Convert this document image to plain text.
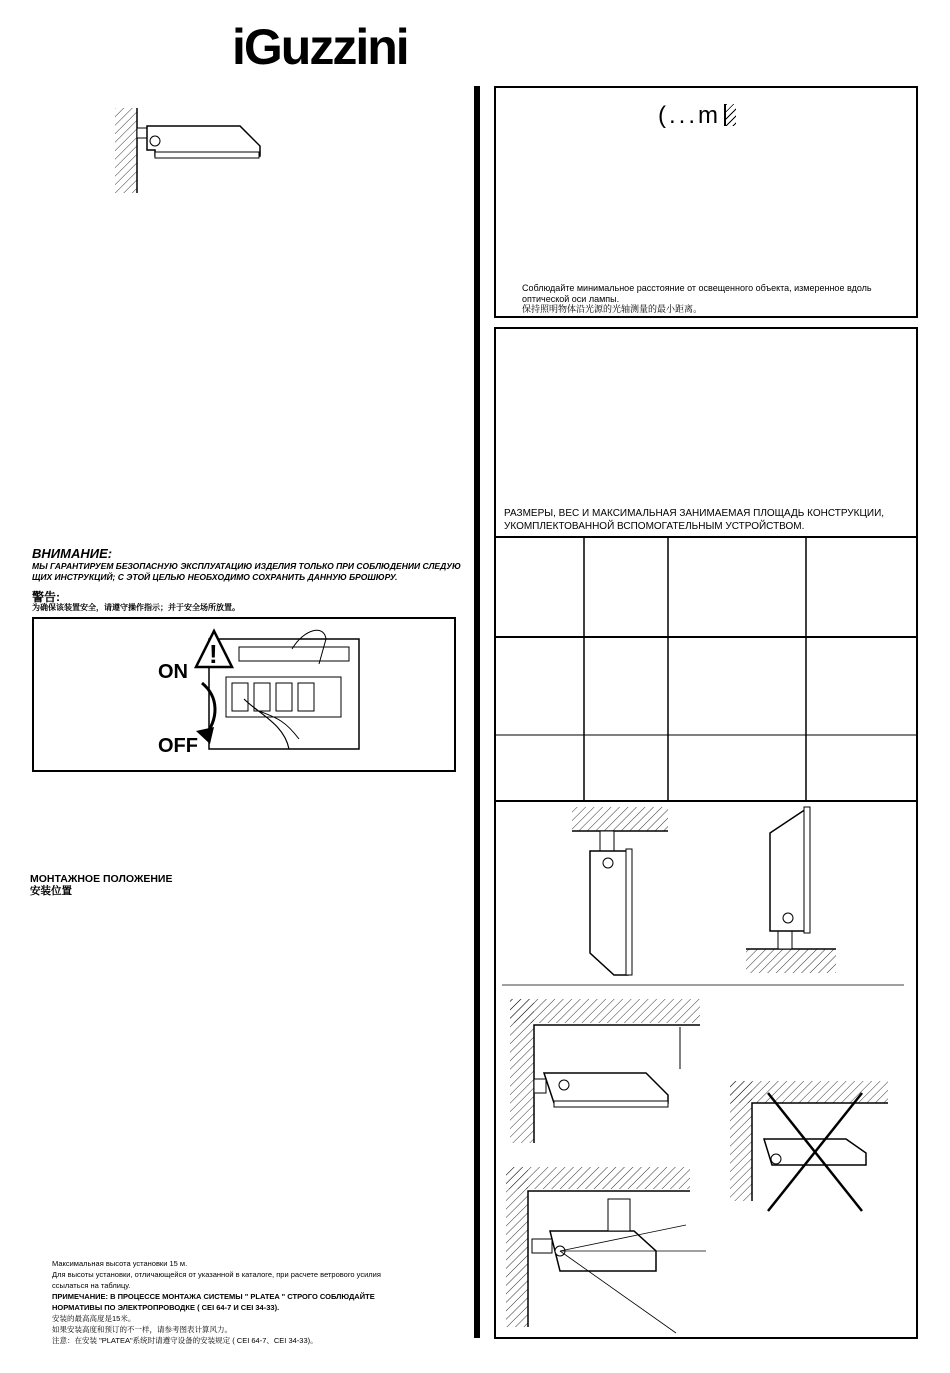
iGuzzini
ВНИМАНИЕ:
МЫ ГАРАНТИРУЕМ БЕЗОПАСНУЮ ЭКСПЛУАТАЦИЮ ИЗДЕЛИЯ ТОЛЬКО ПРИ СОБЛЮДЕНИИ СЛЕДУЮ
ЩИХ ИНСТРУКЦИЙ; С ЭТОЙ ЦЕЛЬЮ НЕОБХОДИМО СОХРАНИТЬ ДАННУЮ БРОШЮРУ.
警告:
为确保该装置安全，请遵守操作指示；并于安全场所放置。
!
ON
OFF
МОНТАЖНОЕ ПОЛОЖЕНИЕ
安装位置
Максимальная высота установки 15 м.
Для высоты установки, отличающейся от указанной в каталоге, при расчете ветрового усилия
ссылаться на таблицу.
ПРИМЕЧАНИЕ: В ПРОЦЕССЕ МОНТАЖА СИСТЕМЫ " PLATEA " СТРОГО СОБЛЮДАЙТЕ
НОРМАТИВЫ ПО ЭЛЕКТРОПРОВОДКЕ ( CEI 64-7 И CEI 34-33).
安装的最高高度是15米。
如果安装高度和预订的不一样，请参考图表计算风力。
注意：在安装 "PLATEA"系统时请遵守设备的安装规定 ( CEI 64-7、CEI 34-33)。
(...m
Соблюдайте минимальное расстояние от освещенного объекта, измеренное вдоль
оптической оси лампы.
保持照明物体沿光源的光轴测量的最小距离。
РАЗМЕРЫ, ВЕС И МАКСИМАЛЬНАЯ ЗАНИМАЕМАЯ ПЛОЩАДЬ КОНСТРУКЦИИ,
УКОМПЛЕКТОВАННОЙ ВСПОМОГАТЕЛЬНЫМ УСТРОЙСТВОМ.
